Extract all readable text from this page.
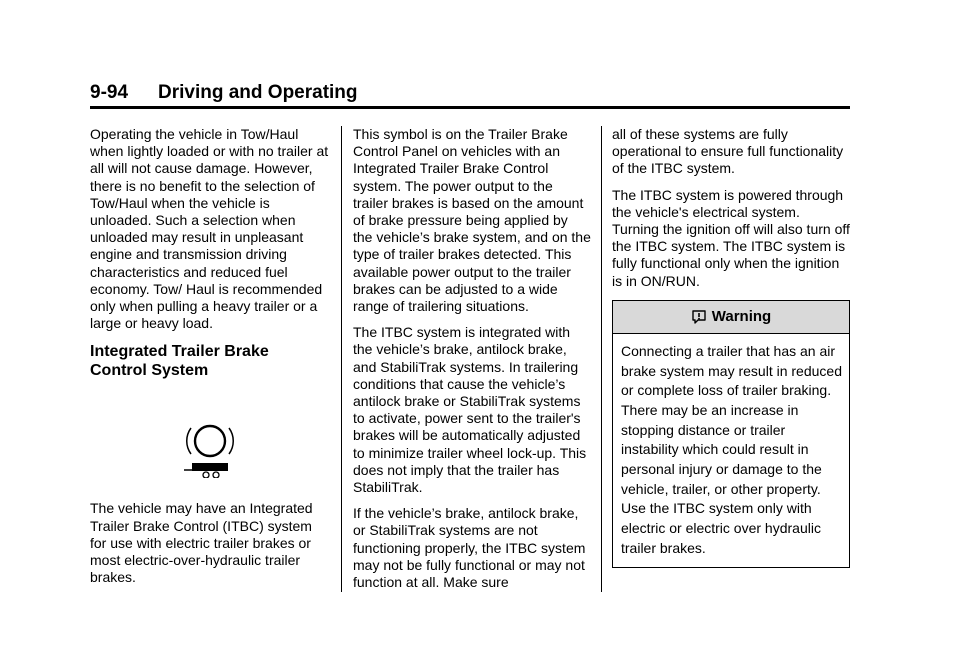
9-94 Driving and Operating

Operating the vehicle in Tow/Haul when lightly loaded or with no trailer at all will not cause damage. However, there is no benefit to the selection of Tow/Haul when the vehicle is unloaded. Such a selection when unloaded may result in unpleasant engine and transmission driving characteristics and reduced fuel economy. Tow/ Haul is recommended only when pulling a heavy trailer or a large or heavy load.

Integrated Trailer Brake Control System

The vehicle may have an Integrated Trailer Brake Control (ITBC) system for use with electric trailer brakes or most electric-over-hydraulic trailer brakes.

This symbol is on the Trailer Brake Control Panel on vehicles with an Integrated Trailer Brake Control system. The power output to the trailer brakes is based on the amount of brake pressure being applied by the vehicle’s brake system, and on the type of trailer brakes detected. This available power output to the trailer brakes can be adjusted to a wide range of trailering situations.

The ITBC system is integrated with the vehicle’s brake, antilock brake, and StabiliTrak systems. In trailering conditions that cause the vehicle’s antilock brake or StabiliTrak systems to activate, power sent to the trailer's brakes will be automatically adjusted to minimize trailer wheel lock-up. This does not imply that the trailer has StabiliTrak.

If the vehicle’s brake, antilock brake, or StabiliTrak systems are not functioning properly, the ITBC system may not be fully functional or may not function at all. Make sure

all of these systems are fully operational to ensure full functionality of the ITBC system.

The ITBC system is powered through the vehicle's electrical system. Turning the ignition off will also turn off the ITBC system. The ITBC system is fully functional only when the ignition is in ON/RUN.

Warning
Connecting a trailer that has an air brake system may result in reduced or complete loss of trailer braking. There may be an increase in stopping distance or trailer instability which could result in personal injury or damage to the vehicle, trailer, or other property. Use the ITBC system only with electric or electric over hydraulic trailer brakes.
